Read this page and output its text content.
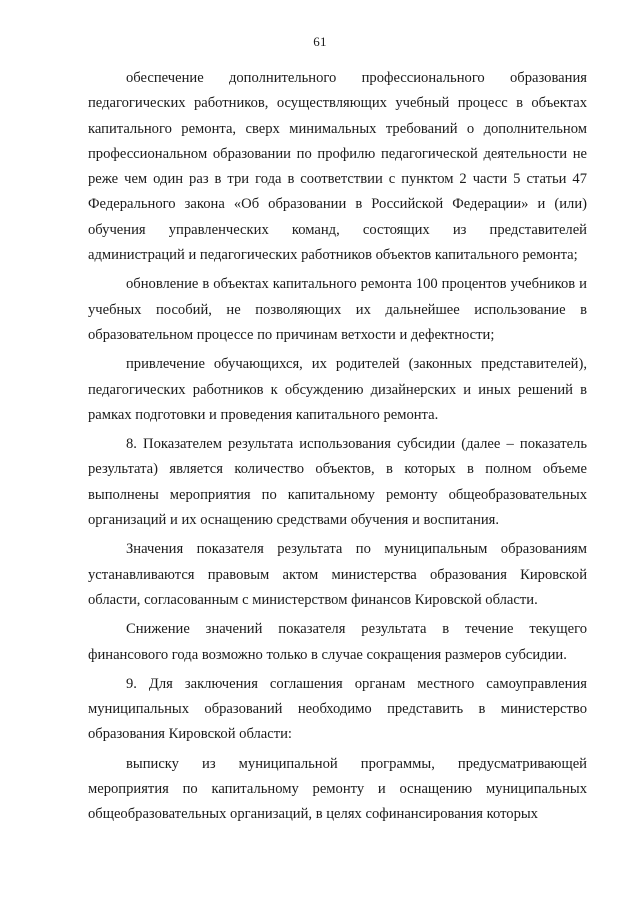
61

обеспечение дополнительного профессионального образования педагогических работников, осуществляющих учебный процесс в объектах капитального ремонта, сверх минимальных требований о дополнительном профессиональном образовании по профилю педагогической деятельности не реже чем один раз в три года в соответствии с пунктом 2 части 5 статьи 47 Федерального закона «Об образовании в Российской Федерации» и (или) обучения управленческих команд, состоящих из представителей администраций и педагогических работников объектов капитального ремонта;

обновление в объектах капитального ремонта 100 процентов учебников и учебных пособий, не позволяющих их дальнейшее использование в образовательном процессе по причинам ветхости и дефектности;

привлечение обучающихся, их родителей (законных представителей), педагогических работников к обсуждению дизайнерских и иных решений в рамках подготовки и проведения капитального ремонта.

8. Показателем результата использования субсидии (далее – показатель результата) является количество объектов, в которых в полном объеме выполнены мероприятия по капитальному ремонту общеобразовательных организаций и их оснащению средствами обучения и воспитания.

Значения показателя результата по муниципальным образованиям устанавливаются правовым актом министерства образования Кировской области, согласованным с министерством финансов Кировской области.

Снижение значений показателя результата в течение текущего финансового года возможно только в случае сокращения размеров субсидии.

9. Для заключения соглашения органам местного самоуправления муниципальных образований необходимо представить в министерство образования Кировской области:

выписку из муниципальной программы, предусматривающей мероприятия по капитальному ремонту и оснащению муниципальных общеобразовательных организаций, в целях софинансирования которых
